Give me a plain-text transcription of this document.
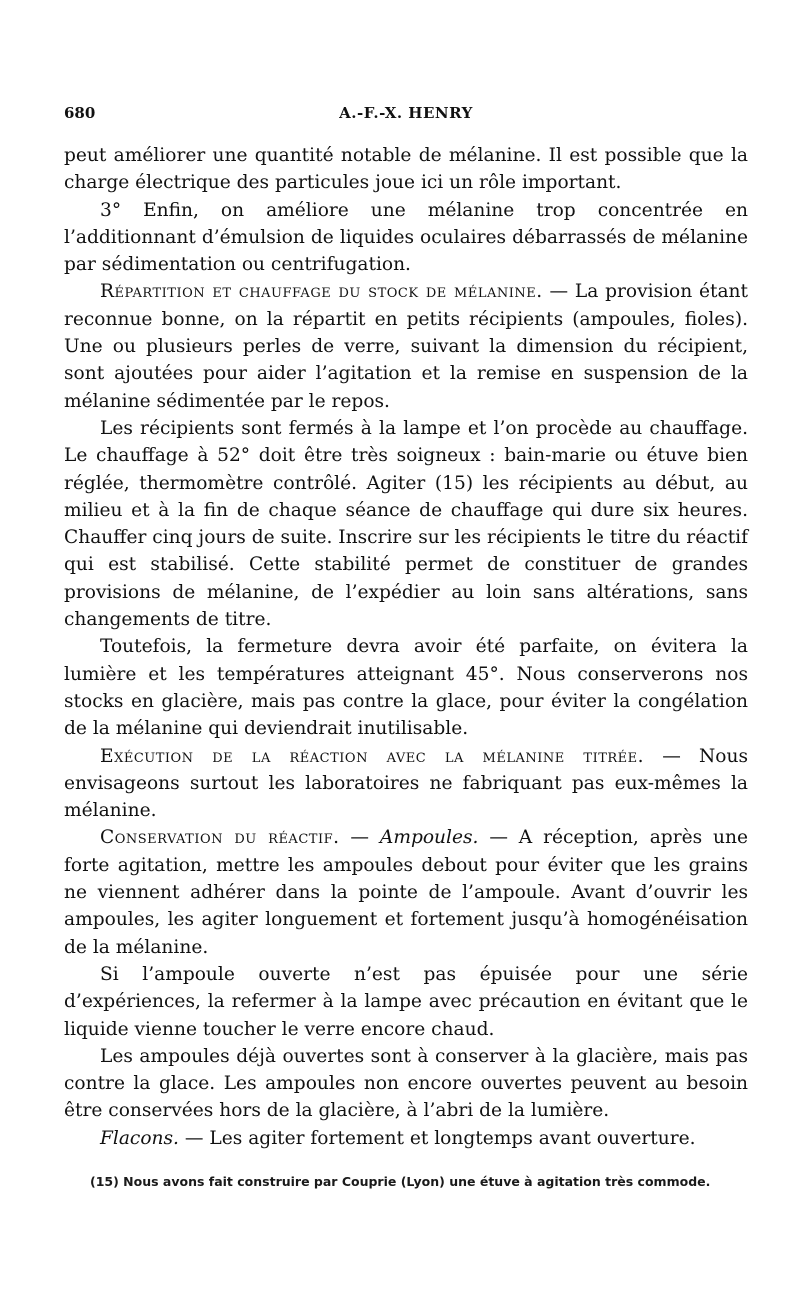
680	A.-F.-X. HENRY

peut améliorer une quantité notable de mélanine. Il est possible que la charge électrique des particules joue ici un rôle important.

3° Enfin, on améliore une mélanine trop concentrée en l’additionnant d’émulsion de liquides oculaires débarrassés de mélanine par sédimentation ou centrifugation.

Répartition et chauffage du stock de mélanine. — La provision étant reconnue bonne, on la répartit en petits récipients (ampoules, fioles). Une ou plusieurs perles de verre, suivant la dimension du récipient, sont ajoutées pour aider l’agitation et la remise en suspension de la mélanine sédimentée par le repos.

Les récipients sont fermés à la lampe et l’on procède au chauffage. Le chauffage à 52° doit être très soigneux : bain-marie ou étuve bien réglée, thermomètre contrôlé. Agiter (15) les récipients au début, au milieu et à la fin de chaque séance de chauffage qui dure six heures. Chauffer cinq jours de suite. Inscrire sur les récipients le titre du réactif qui est stabilisé. Cette stabilité permet de constituer de grandes provisions de mélanine, de l’expédier au loin sans altérations, sans changements de titre.

Toutefois, la fermeture devra avoir été parfaite, on évitera la lumière et les températures atteignant 45°. Nous conserverons nos stocks en glacière, mais pas contre la glace, pour éviter la congélation de la mélanine qui deviendrait inutilisable.

Exécution de la réaction avec la mélanine titrée. — Nous envisageons surtout les laboratoires ne fabriquant pas eux-mêmes la mélanine.

Conservation du réactif. — Ampoules. — A réception, après une forte agitation, mettre les ampoules debout pour éviter que les grains ne viennent adhérer dans la pointe de l’ampoule. Avant d’ouvrir les ampoules, les agiter longuement et fortement jusqu’à homogénéisation de la mélanine.

Si l’ampoule ouverte n’est pas épuisée pour une série d’expériences, la refermer à la lampe avec précaution en évitant que le liquide vienne toucher le verre encore chaud.

Les ampoules déjà ouvertes sont à conserver à la glacière, mais pas contre la glace. Les ampoules non encore ouvertes peuvent au besoin être conservées hors de la glacière, à l’abri de la lumière.

Flacons. — Les agiter fortement et longtemps avant ouverture.

(15) Nous avons fait construire par Couprie (Lyon) une étuve à agitation très commode.
